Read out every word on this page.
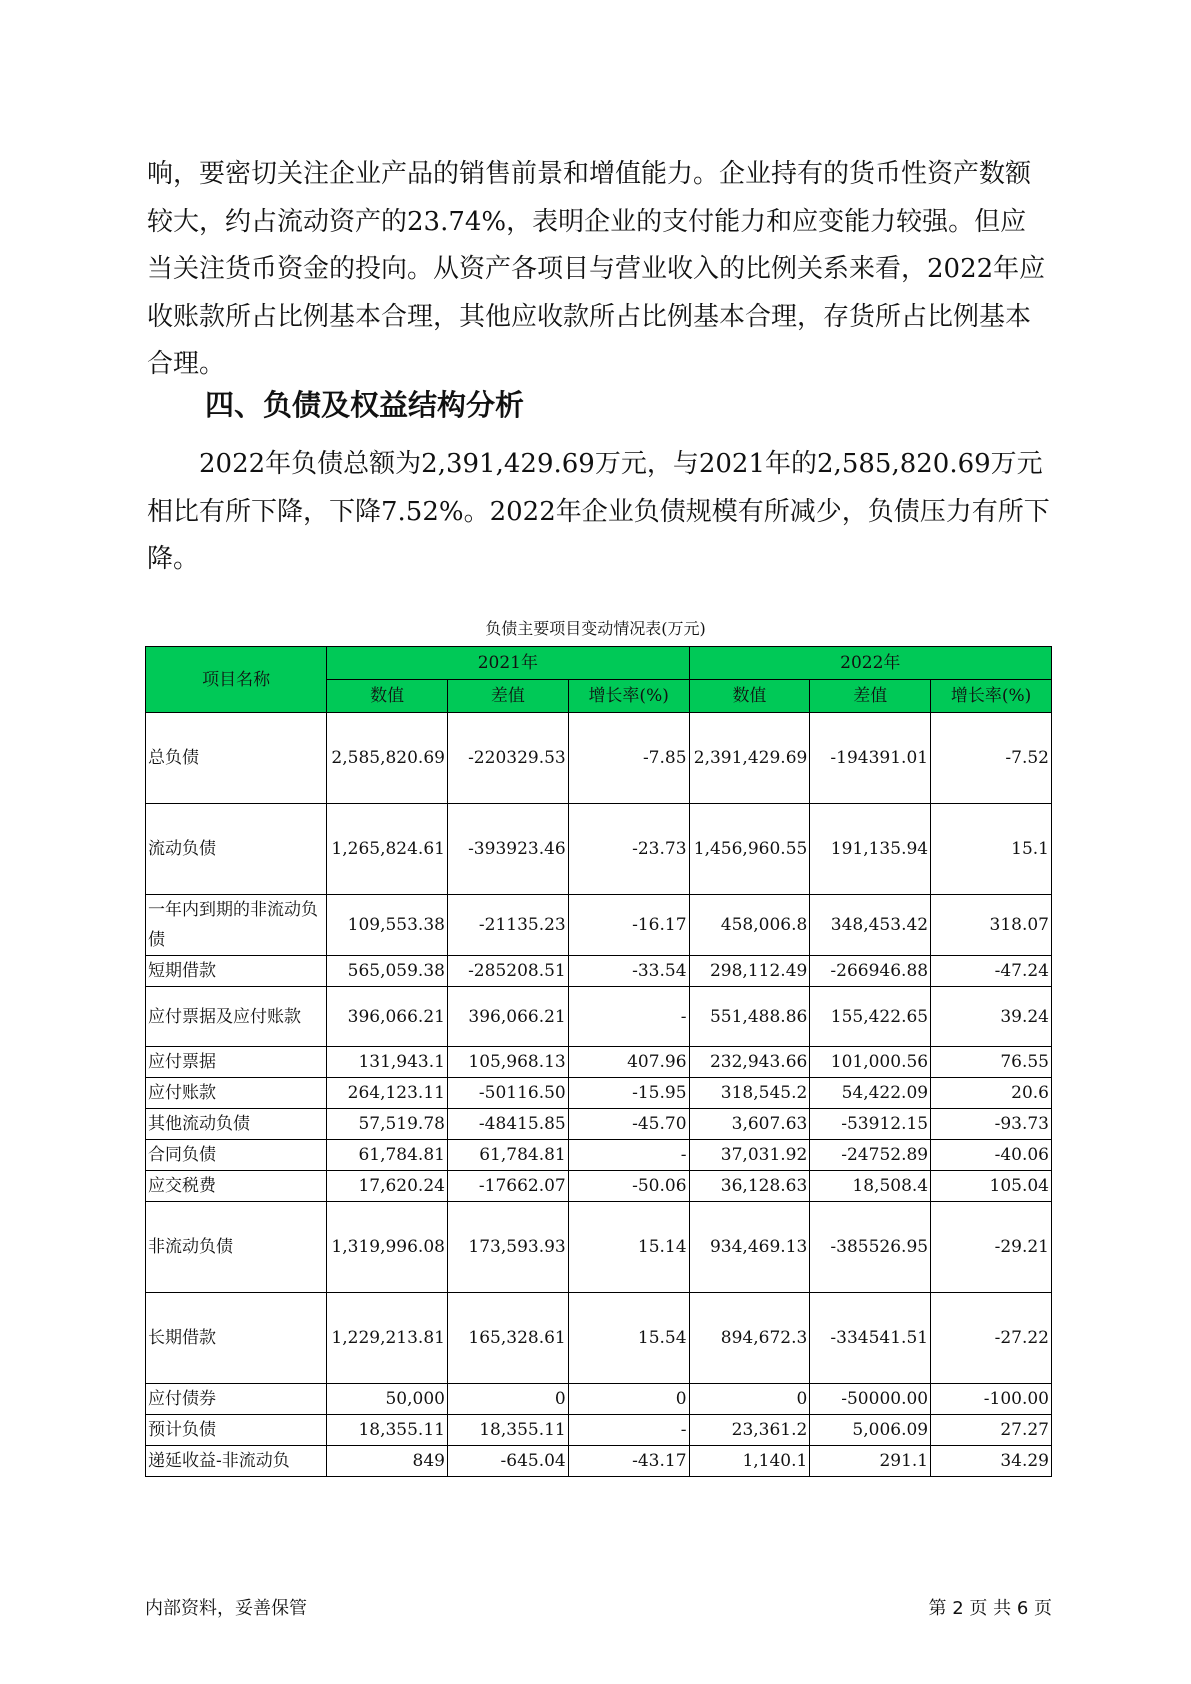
响，要密切关注企业产品的销售前景和增值能力。企业持有的货币性资产数额较大，约占流动资产的23.74%，表明企业的支付能力和应变能力较强。但应当关注货币资金的投向。从资产各项目与营业收入的比例关系来看，2022年应收账款所占比例基本合理，其他应收款所占比例基本合理，存货所占比例基本合理。

四、负债及权益结构分析

2022年负债总额为2,391,429.69万元，与2021年的2,585,820.69万元相比有所下降，下降7.52%。2022年企业负债规模有所减少，负债压力有所下降。

负债主要项目变动情况表(万元)

项目名称	2021年			2022年		
	数值	差值	增长率(%)	数值	差值	增长率(%)
总负债	2,585,820.69	-220329.53	-7.85	2,391,429.69	-194391.01	-7.52
流动负债	1,265,824.61	-393923.46	-23.73	1,456,960.55	191,135.94	15.1
一年内到期的非流动负债	109,553.38	-21135.23	-16.17	458,006.8	348,453.42	318.07
短期借款	565,059.38	-285208.51	-33.54	298,112.49	-266946.88	-47.24
应付票据及应付账款	396,066.21	396,066.21	-	551,488.86	155,422.65	39.24
应付票据	131,943.1	105,968.13	407.96	232,943.66	101,000.56	76.55
应付账款	264,123.11	-50116.50	-15.95	318,545.2	54,422.09	20.6
其他流动负债	57,519.78	-48415.85	-45.70	3,607.63	-53912.15	-93.73
合同负债	61,784.81	61,784.81	-	37,031.92	-24752.89	-40.06
应交税费	17,620.24	-17662.07	-50.06	36,128.63	18,508.4	105.04
非流动负债	1,319,996.08	173,593.93	15.14	934,469.13	-385526.95	-29.21
长期借款	1,229,213.81	165,328.61	15.54	894,672.3	-334541.51	-27.22
应付债券	50,000	0	0	0	-50000.00	-100.00
预计负债	18,355.11	18,355.11	-	23,361.2	5,006.09	27.27
递延收益-非流动负	849	-645.04	-43.17	1,140.1	291.1	34.29

内部资料，妥善保管	第 2 页 共 6 页
